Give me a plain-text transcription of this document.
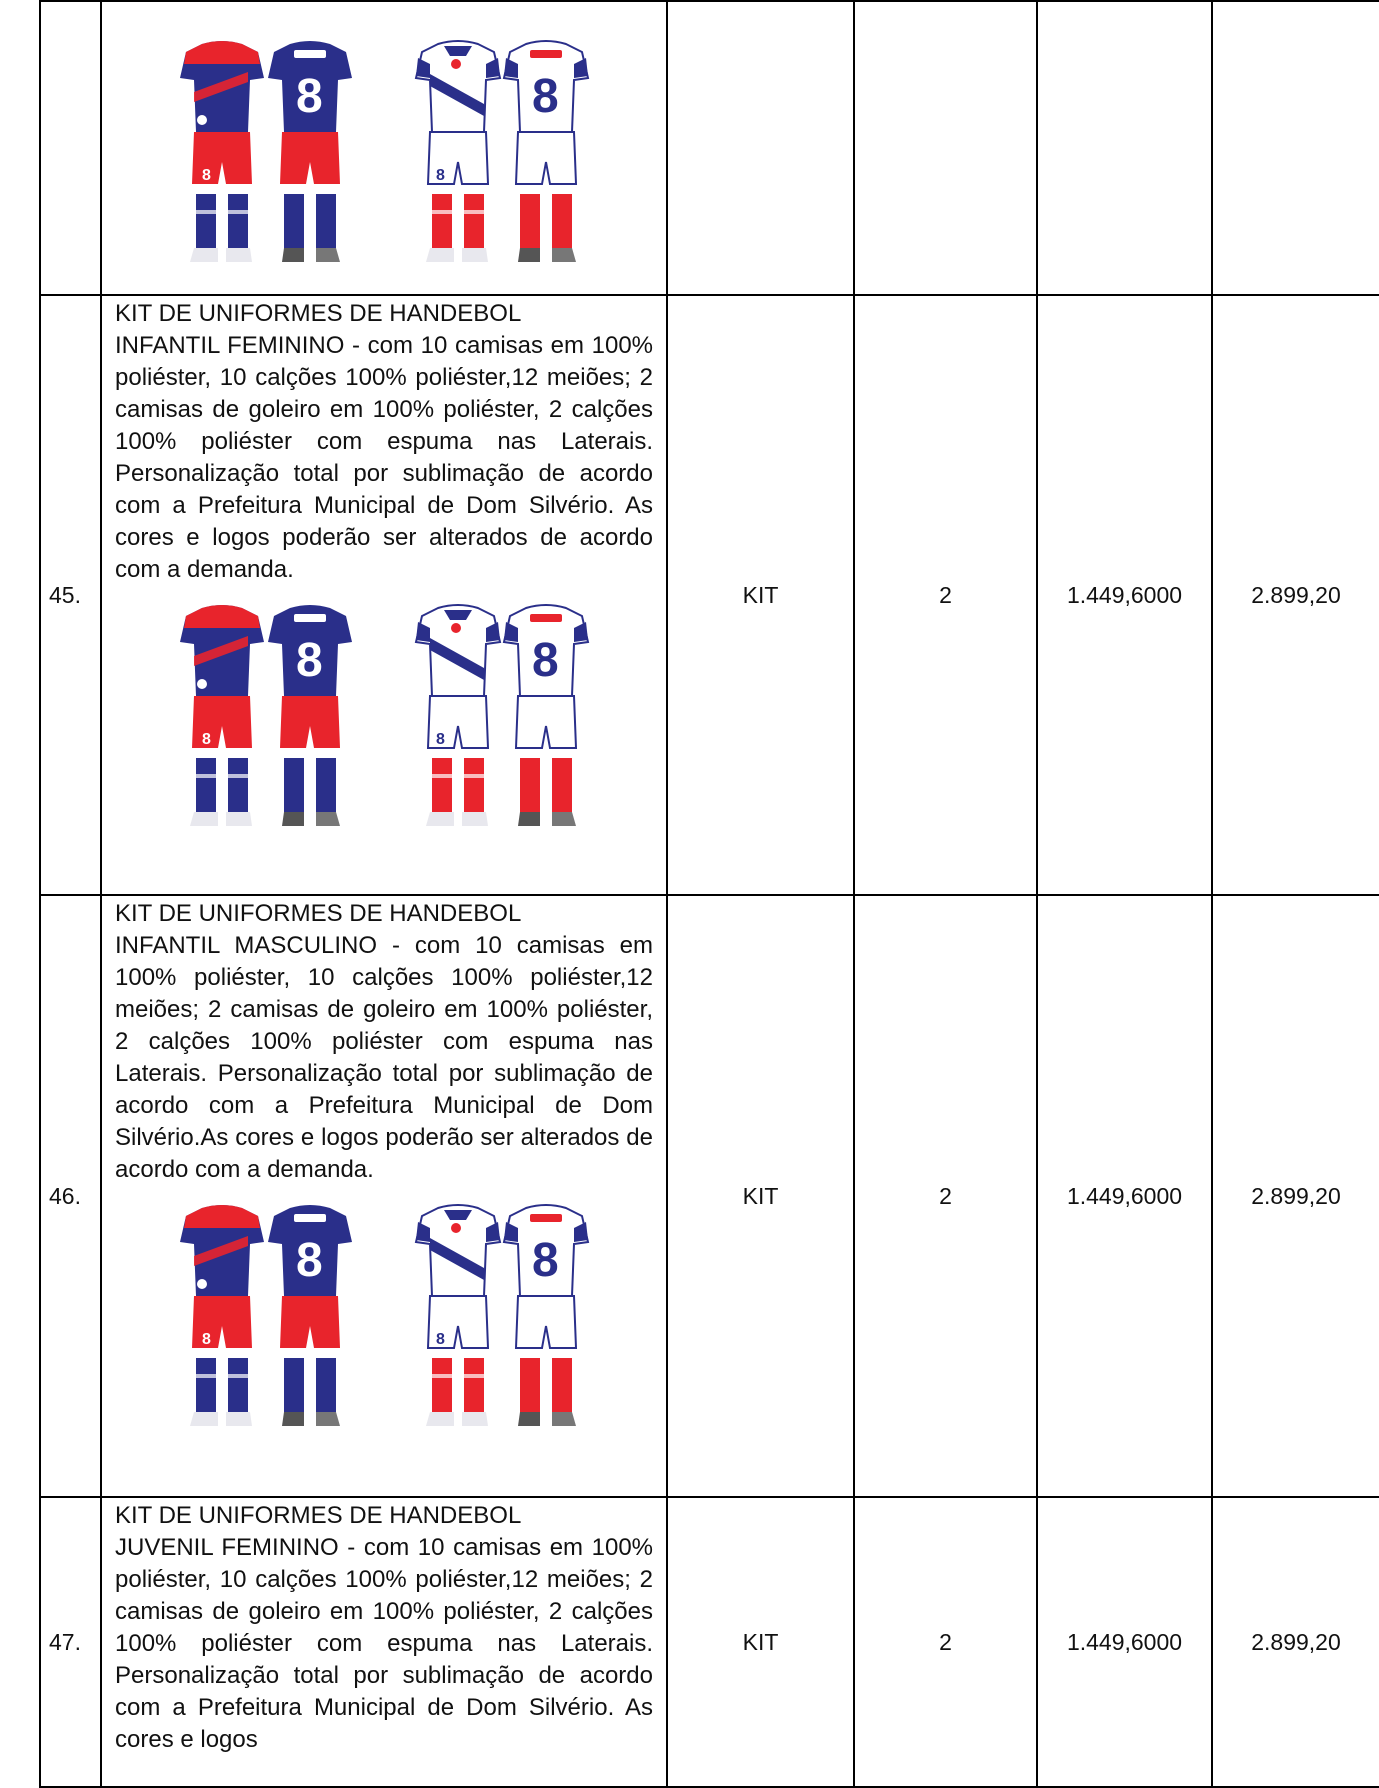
45.	KIT DE UNIFORMES DE HANDEBOL
INFANTIL FEMININO - com 10 camisas em 100% poliéster, 10 calções 100% poliéster,12 meiões; 2 camisas de goleiro em 100% poliéster, 2 calções 100% poliéster com espuma nas Laterais. Personalização total por sublimação de acordo com a Prefeitura Municipal de Dom Silvério. As cores e logos poderão ser alterados de acordo com a demanda.	KIT	2	1.449,6000	2.899,20
46.	KIT DE UNIFORMES DE HANDEBOL
INFANTIL MASCULINO - com 10 camisas em 100% poliéster, 10 calções 100% poliéster,12 meiões; 2 camisas de goleiro em 100% poliéster, 2 calções 100% poliéster com espuma nas Laterais. Personalização total por sublimação de acordo com a Prefeitura Municipal de Dom Silvério.As cores e logos poderão ser alterados de acordo com a demanda.	KIT	2	1.449,6000	2.899,20
47.	KIT DE UNIFORMES DE HANDEBOL
JUVENIL FEMININO - com 10 camisas em 100% poliéster, 10 calções 100% poliéster,12 meiões; 2 camisas de goleiro em 100% poliéster, 2 calções 100% poliéster com espuma nas Laterais. Personalização total por sublimação de acordo com a Prefeitura Municipal de Dom Silvério. As cores e logos	KIT	2	1.449,6000	2.899,20
